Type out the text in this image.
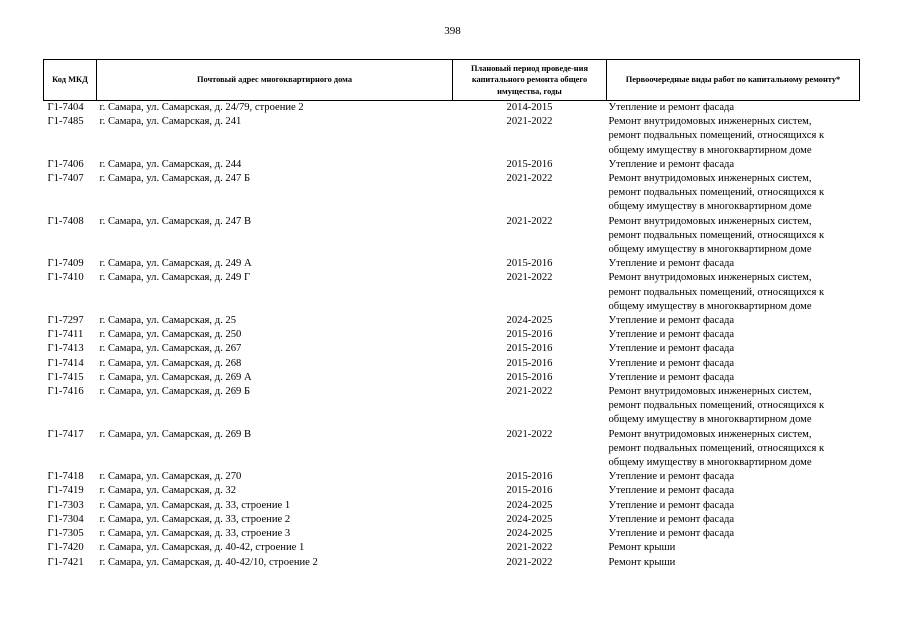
398
Код МКД	Почтовый адрес многоквартирного дома	Плановый период проведе-ния капитального ремонта общего имущества, годы	Первоочередные виды работ по капитальному ремонту*
Г1-7404	г. Самара, ул. Самарская, д. 24/79, строение 2	2014-2015	Утепление и ремонт фасада

Г1-7485	г. Самара, ул. Самарская, д. 241	2021-2022	Ремонт внутридомовых инженерных систем,
ремонт подвальных помещений, относящихся к
общему имуществу в многоквартирном доме

Г1-7406	г. Самара, ул. Самарская, д. 244	2015-2016	Утепление и ремонт фасада

Г1-7407	г. Самара, ул. Самарская, д. 247 Б	2021-2022	Ремонт внутридомовых инженерных систем,
ремонт подвальных помещений, относящихся к
общему имуществу в многоквартирном доме

Г1-7408	г. Самара, ул. Самарская, д. 247 В	2021-2022	Ремонт внутридомовых инженерных систем,
ремонт подвальных помещений, относящихся к
общему имуществу в многоквартирном доме

Г1-7409	г. Самара, ул. Самарская, д. 249 А	2015-2016	Утепление и ремонт фасада

Г1-7410	г. Самара, ул. Самарская, д. 249 Г	2021-2022	Ремонт внутридомовых инженерных систем,
ремонт подвальных помещений, относящихся к
общему имуществу в многоквартирном доме

Г1-7297	г. Самара, ул. Самарская, д. 25	2024-2025	Утепление и ремонт фасада

Г1-7411	г. Самара, ул. Самарская, д. 250	2015-2016	Утепление и ремонт фасада

Г1-7413	г. Самара, ул. Самарская, д. 267	2015-2016	Утепление и ремонт фасада

Г1-7414	г. Самара, ул. Самарская, д. 268	2015-2016	Утепление и ремонт фасада

Г1-7415	г. Самара, ул. Самарская, д. 269 А	2015-2016	Утепление и ремонт фасада

Г1-7416	г. Самара, ул. Самарская, д. 269 Б	2021-2022	Ремонт внутридомовых инженерных систем,
ремонт подвальных помещений, относящихся к
общему имуществу в многоквартирном доме

Г1-7417	г. Самара, ул. Самарская, д. 269 В	2021-2022	Ремонт внутридомовых инженерных систем,
ремонт подвальных помещений, относящихся к
общему имуществу в многоквартирном доме

Г1-7418	г. Самара, ул. Самарская, д. 270	2015-2016	Утепление и ремонт фасада

Г1-7419	г. Самара, ул. Самарская, д. 32	2015-2016	Утепление и ремонт фасада

Г1-7303	г. Самара, ул. Самарская, д. 33, строение 1	2024-2025	Утепление и ремонт фасада

Г1-7304	г. Самара, ул. Самарская, д. 33, строение 2	2024-2025	Утепление и ремонт фасада

Г1-7305	г. Самара, ул. Самарская, д. 33, строение 3	2024-2025	Утепление и ремонт фасада

Г1-7420	г. Самара, ул. Самарская, д. 40-42, строение 1	2021-2022	Ремонт крыши

Г1-7421	г. Самара, ул. Самарская, д. 40-42/10, строение 2	2021-2022	Ремонт крыши
